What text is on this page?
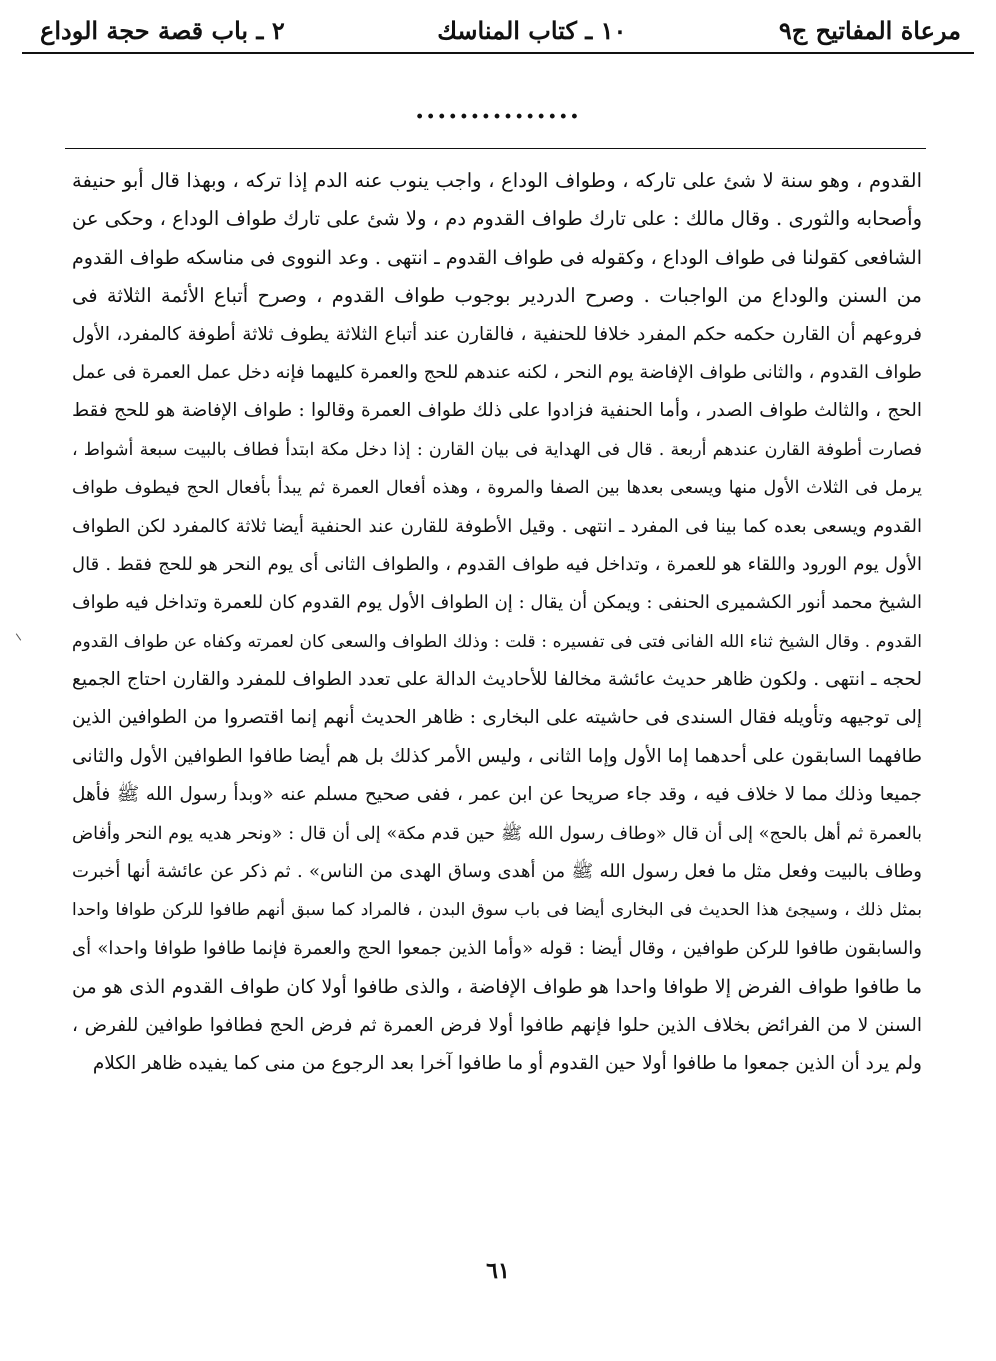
مرعاة المفاتيح ج٩
١٠ ـ كتاب المناسك
٢ ـ باب قصة حجة الوداع
...............
القدوم ، وهو سنة لا شئ على تاركه ، وطواف الوداع ، واجب ينوب عنه الدم إذا تركه ، وبهذا قال أبو حنيفة
وأصحابه والثورى . وقال مالك : على تارك طواف القدوم دم ، ولا شئ على تارك طواف الوداع ، وحكى عن
الشافعى كقولنا فى طواف الوداع ، وكقوله فى طواف القدوم ـ انتهى . وعد النووى فى مناسكه طواف القدوم
من السنن والوداع من الواجبات . وصرح الدردير بوجوب طواف القدوم ، وصرح أتباع الأئمة الثلاثة فى
فروعهم أن القارن حكمه حكم المفرد خلافا للحنفية ، فالقارن عند أتباع الثلاثة يطوف ثلاثة أطوفة كالمفرد، الأول
طواف القدوم ، والثانى طواف الإفاضة يوم النحر ، لكنه عندهم للحج والعمرة كليهما فإنه دخل عمل العمرة فى عمل
الحج ، والثالث طواف الصدر ، وأما الحنفية فزادوا على ذلك طواف العمرة وقالوا : طواف الإفاضة هو للحج فقط
فصارت أطوفة القارن عندهم أربعة . قال فى الهداية فى بيان القارن : إذا دخل مكة ابتدأ فطاف بالبيت سبعة أشواط ،
يرمل فى الثلاث الأول منها ويسعى بعدها بين الصفا والمروة ، وهذه أفعال العمرة ثم يبدأ بأفعال الحج فيطوف طواف
القدوم ويسعى بعده كما بينا فى المفرد ـ انتهى . وقيل الأطوفة للقارن عند الحنفية أيضا ثلاثة كالمفرد لكن الطواف
الأول يوم الورود واللقاء هو للعمرة ، وتداخل فيه طواف القدوم ، والطواف الثانى أى يوم النحر هو للحج فقط . قال
الشيخ محمد أنور الكشميرى الحنفى : ويمكن أن يقال : إن الطواف الأول يوم القدوم كان للعمرة وتداخل فيه طواف
القدوم . وقال الشيخ ثناء الله الفانى فتى فى تفسيره : قلت : وذلك الطواف والسعى كان لعمرته وكفاه عن طواف القدوم
لحجه ـ انتهى . ولكون ظاهر حديث عائشة مخالفا للأحاديث الدالة على تعدد الطواف للمفرد والقارن احتاج الجميع
إلى توجيهه وتأويله فقال السندى فى حاشيته على البخارى : ظاهر الحديث أنهم إنما اقتصروا من الطوافين الذين
طافهما السابقون على أحدهما إما الأول وإما الثانى ، وليس الأمر كذلك بل هم أيضا طافوا الطوافين الأول والثانى
جميعا وذلك مما لا خلاف فيه ، وقد جاء صريحا عن ابن عمر ، ففى صحيح مسلم عنه «وبدأ رسول الله ﷺ فأهل
بالعمرة ثم أهل بالحج» إلى أن قال «وطاف رسول الله ﷺ حين قدم مكة» إلى أن قال : «ونحر هديه يوم النحر وأفاض
وطاف بالبيت وفعل مثل ما فعل رسول الله ﷺ من أهدى وساق الهدى من الناس» . ثم ذكر عن عائشة أنها أخبرت
بمثل ذلك ، وسيجئ هذا الحديث فى البخارى أيضا فى باب سوق البدن ، فالمراد كما سبق أنهم طافوا للركن طوافا واحدا
والسابقون طافوا للركن طوافين ، وقال أيضا : قوله «وأما الذين جمعوا الحج والعمرة فإنما طافوا طوافا واحدا» أى
ما طافوا طواف الفرض إلا طوافا واحدا هو طواف الإفاضة ، والذى طافوا أولا كان طواف القدوم الذى هو من
السنن لا من الفرائض بخلاف الذين حلوا فإنهم طافوا أولا فرض العمرة ثم فرض الحج فطافوا طوافين للفرض ،
ولم يرد أن الذين جمعوا ما طافوا أولا حين القدوم أو ما طافوا آخرا بعد الرجوع من منى كما يفيده ظاهر الكلام
٦١
